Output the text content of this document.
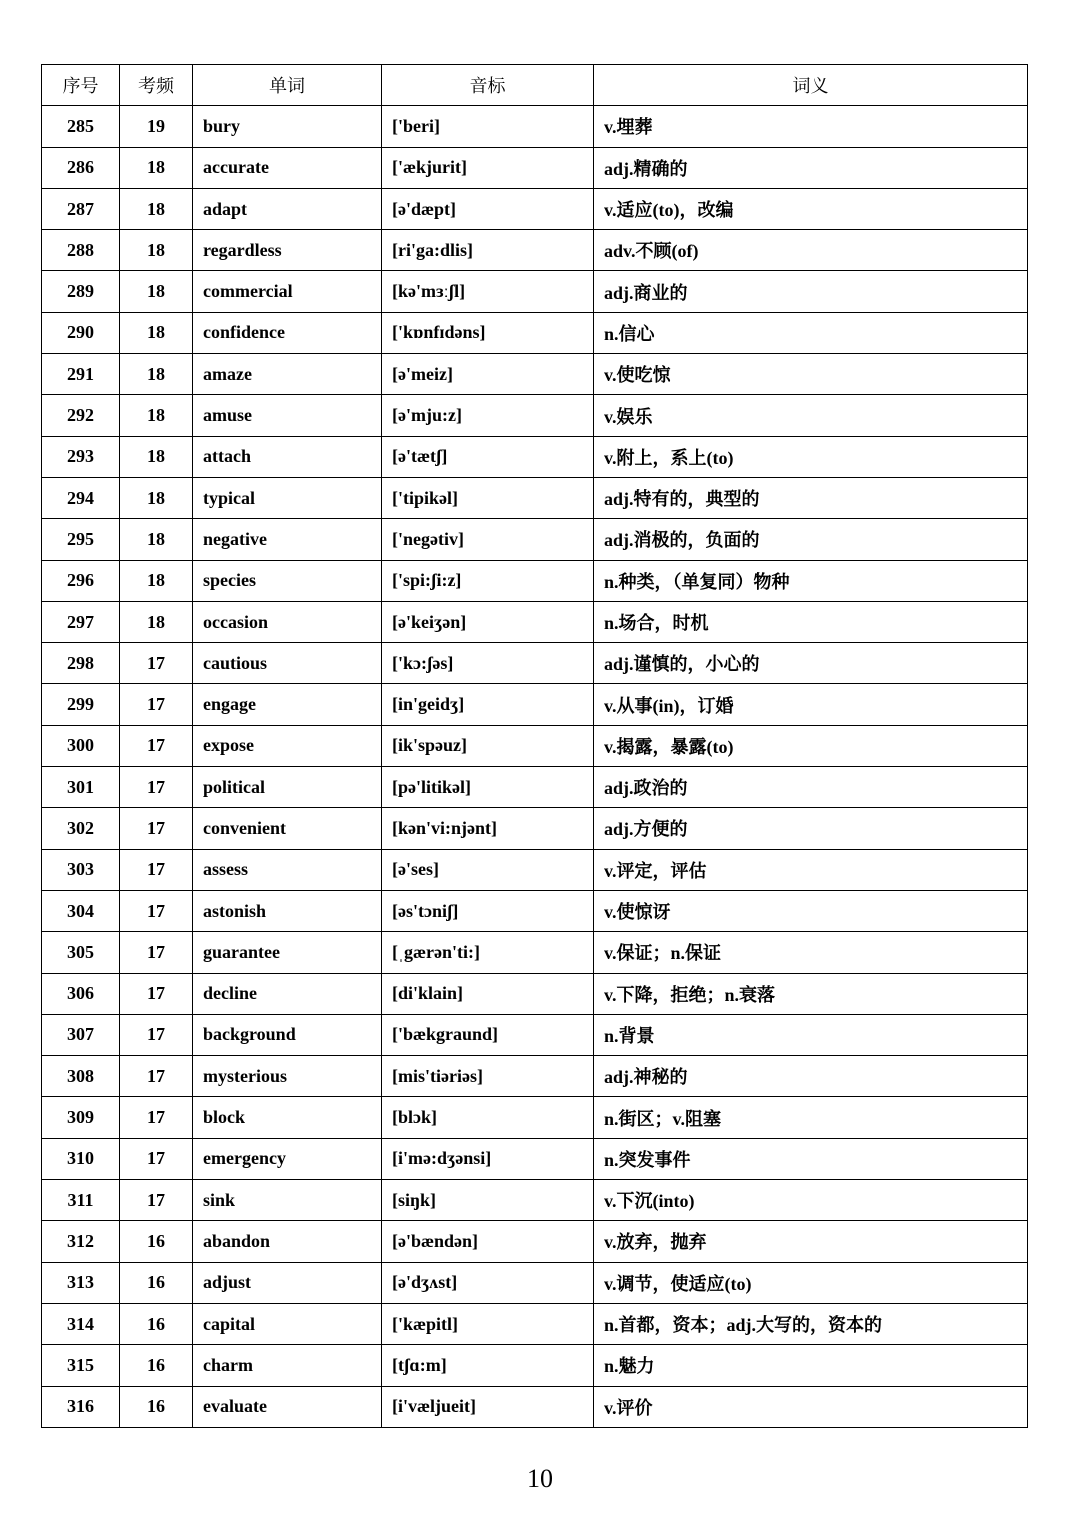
序号	考频	单词	音标	词义
285	19	bury	['beri]	v.埋葬
286	18	accurate	['ækjurit]	adj.精确的
287	18	adapt	[ə'dæpt]	v.适应(to)，改编
288	18	regardless	[ri'ga:dlis]	adv.不顾(of)
289	18	commercial	[kə'mɜːʃl]	adj.商业的
290	18	confidence	['kɒnfɪdəns]	n.信心
291	18	amaze	[ə'meiz]	v.使吃惊
292	18	amuse	[ə'mju:z]	v.娱乐
293	18	attach	[ə'tætʃ]	v.附上，系上(to)
294	18	typical	['tipikəl]	adj.特有的，典型的
295	18	negative	['negətiv]	adj.消极的，负面的
296	18	species	['spi:ʃi:z]	n.种类，（单复同）物种
297	18	occasion	[ə'keiʒən]	n.场合，时机
298	17	cautious	['kɔ:ʃəs]	adj.谨慎的，小心的
299	17	engage	[in'geidʒ]	v.从事(in)，订婚
300	17	expose	[ik'spəuz]	v.揭露，暴露(to)
301	17	political	[pə'litikəl]	adj.政治的
302	17	convenient	[kən'vi:njənt]	adj.方便的
303	17	assess	[ə'ses]	v.评定，评估
304	17	astonish	[əs'tɔniʃ]	v.使惊讶
305	17	guarantee	[ˌgærən'ti:]	v.保证；n.保证
306	17	decline	[di'klain]	v.下降，拒绝；n.衰落
307	17	background	['bækgraund]	n.背景
308	17	mysterious	[mis'tiəriəs]	adj.神秘的
309	17	block	[blɔk]	n.街区；v.阻塞
310	17	emergency	[i'mə:dʒənsi]	n.突发事件
311	17	sink	[siŋk]	v.下沉(into)
312	16	abandon	[ə'bændən]	v.放弃，抛弃
313	16	adjust	[ə'dʒʌst]	v.调节，使适应(to)
314	16	capital	['kæpitl]	n.首都，资本；adj.大写的，资本的
315	16	charm	[tʃɑ:m]	n.魅力
316	16	evaluate	[i'væljueit]	v.评价
10
